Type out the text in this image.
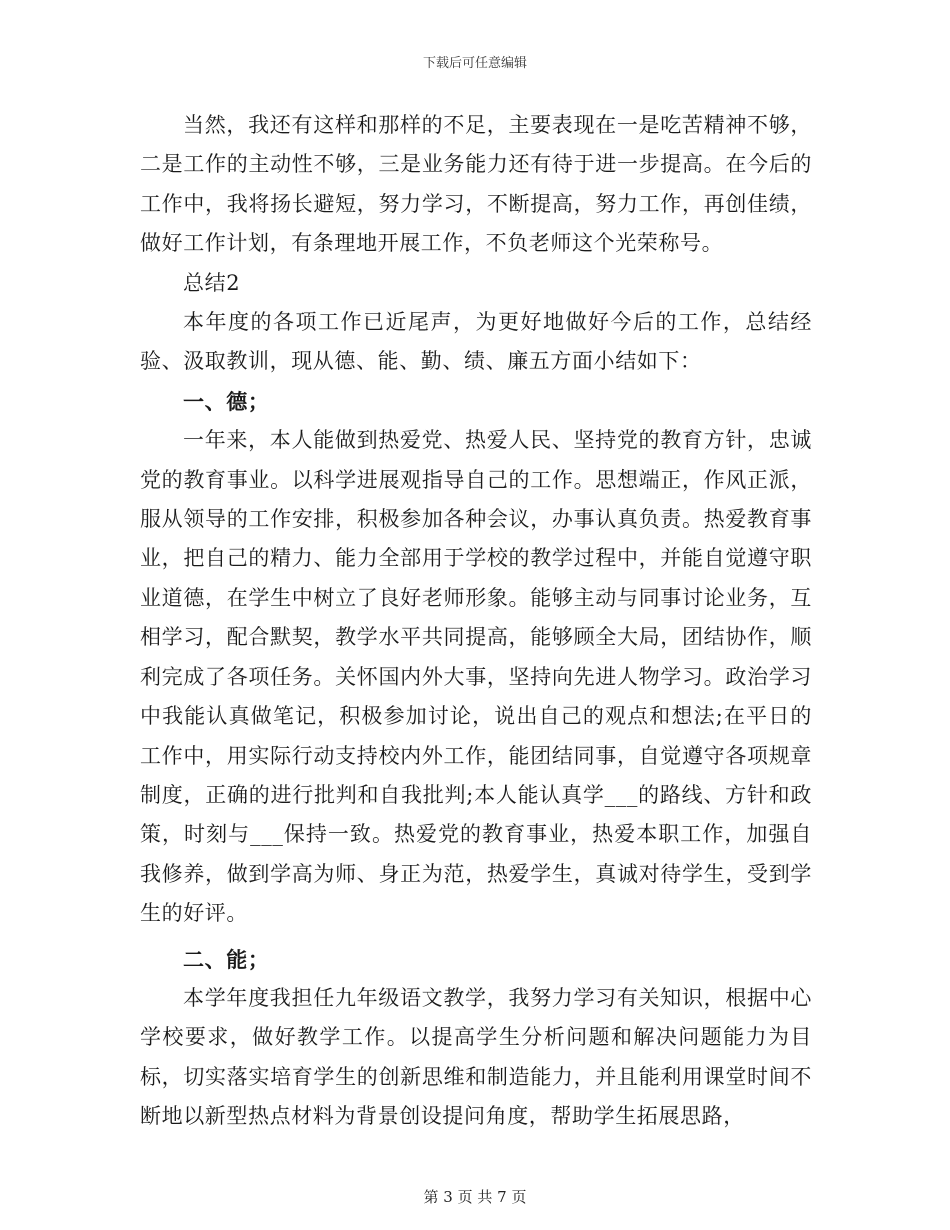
下载后可任意编辑

当然，我还有这样和那样的不足，主要表现在一是吃苦精神不够，二是工作的主动性不够，三是业务能力还有待于进一步提高。在今后的工作中，我将扬长避短，努力学习，不断提高，努力工作，再创佳绩，做好工作计划，有条理地开展工作，不负老师这个光荣称号。

总结2

本年度的各项工作已近尾声，为更好地做好今后的工作，总结经验、汲取教训，现从德、能、勤、绩、廉五方面小结如下：

一、德；

一年来，本人能做到热爱党、热爱人民、坚持党的教育方针，忠诚党的教育事业。以科学进展观指导自己的工作。思想端正，作风正派，服从领导的工作安排，积极参加各种会议，办事认真负责。热爱教育事业，把自己的精力、能力全部用于学校的教学过程中，并能自觉遵守职业道德，在学生中树立了良好老师形象。能够主动与同事讨论业务，互相学习，配合默契，教学水平共同提高，能够顾全大局，团结协作，顺利完成了各项任务。关怀国内外大事，坚持向先进人物学习。政治学习中我能认真做笔记，积极参加讨论，说出自己的观点和想法;在平日的工作中，用实际行动支持校内外工作，能团结同事，自觉遵守各项规章制度，正确的进行批判和自我批判;本人能认真学___的路线、方针和政策，时刻与___保持一致。热爱党的教育事业，热爱本职工作，加强自我修养，做到学高为师、身正为范，热爱学生，真诚对待学生，受到学生的好评。

二、能；

本学年度我担任九年级语文教学，我努力学习有关知识，根据中心学校要求，做好教学工作。以提高学生分析问题和解决问题能力为目标，切实落实培育学生的创新思维和制造能力，并且能利用课堂时间不断地以新型热点材料为背景创设提问角度，帮助学生拓展思路，

第 3 页 共 7 页
